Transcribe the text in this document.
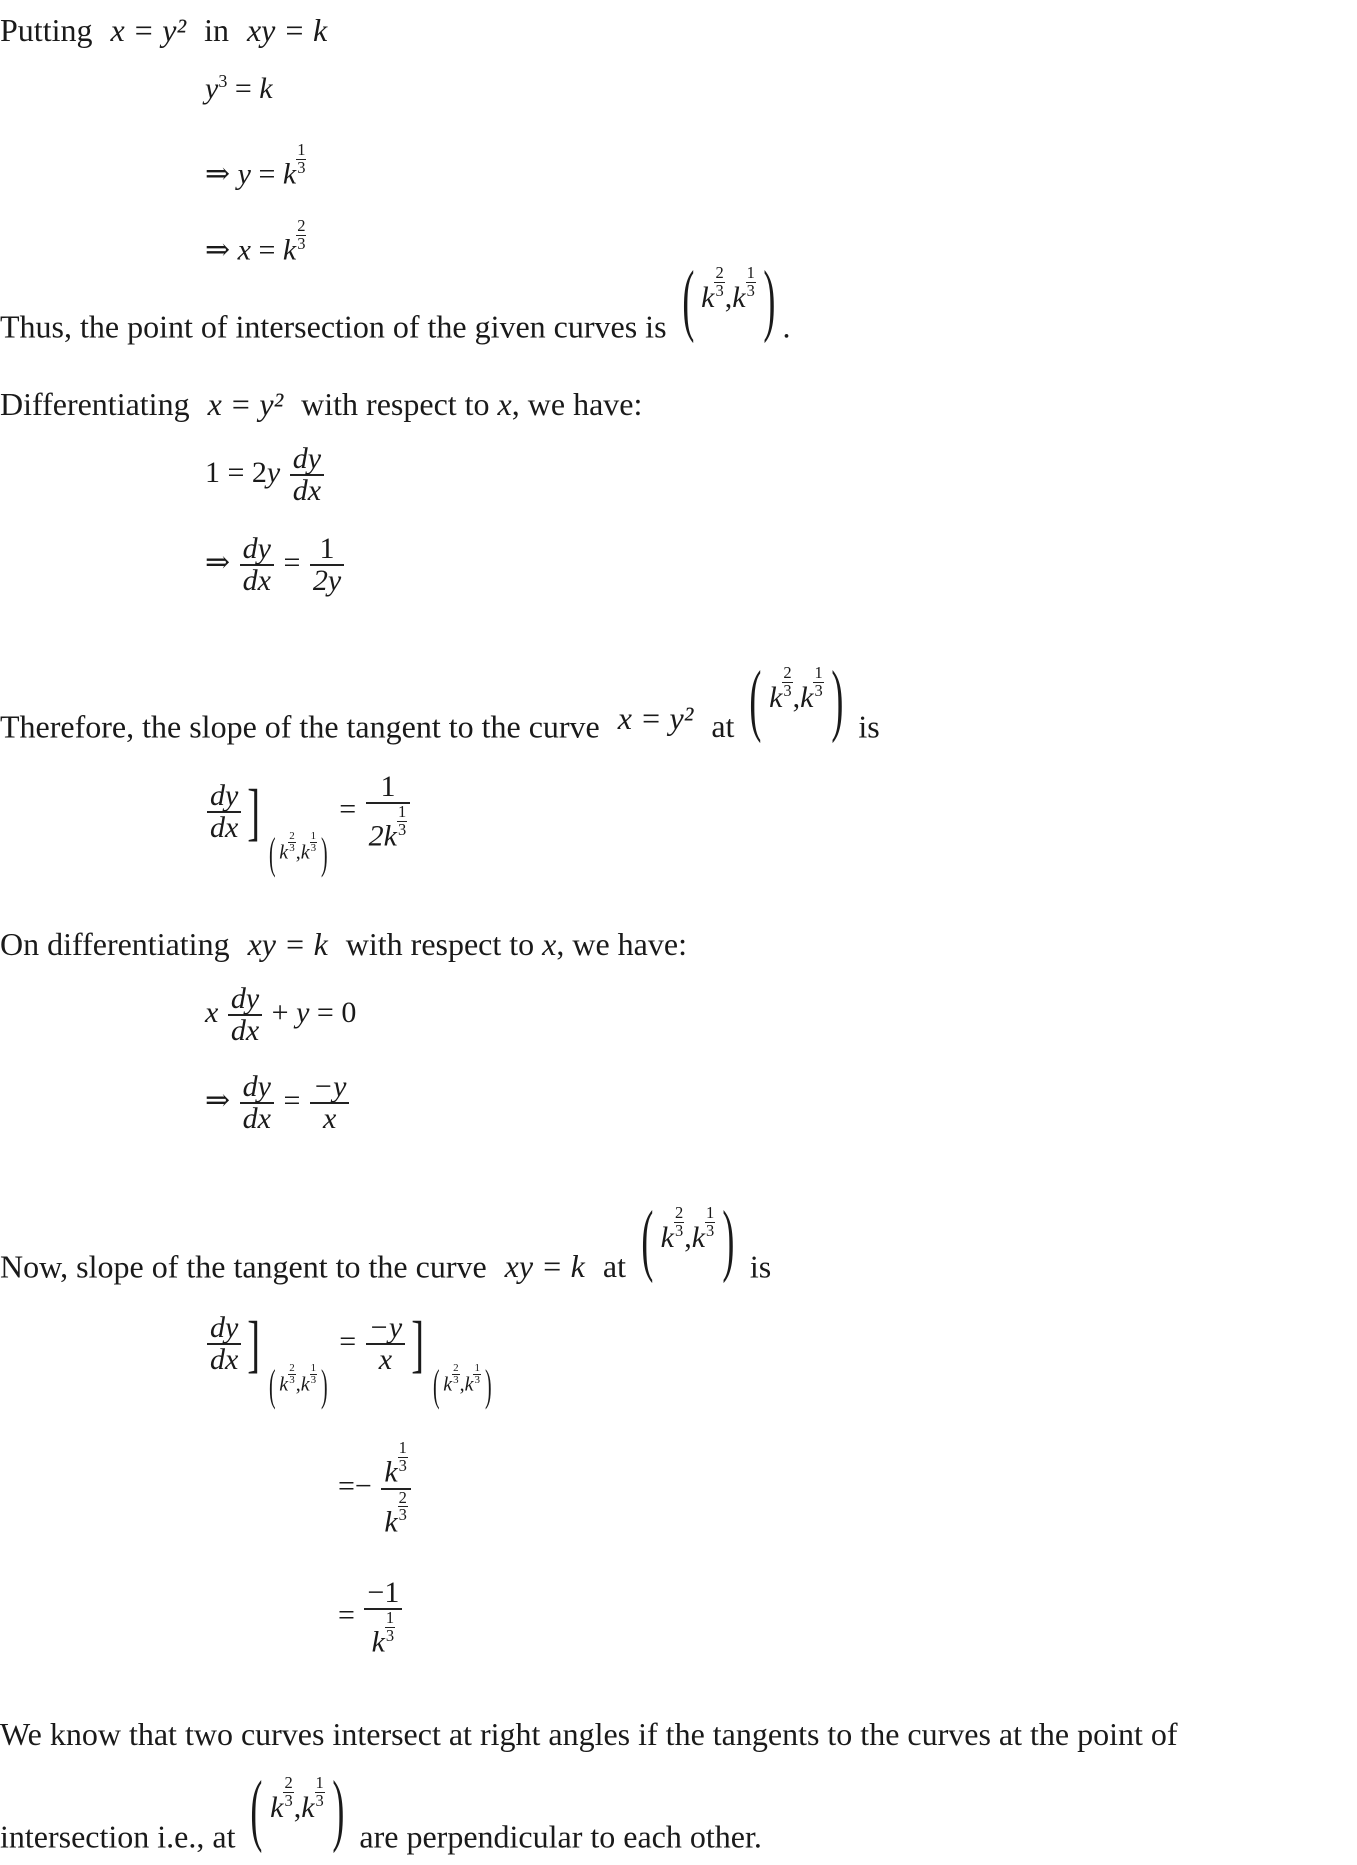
Putting x = y² in xy = k
$y^3 = k$
⇒ y = k $\frac{1}{3}$
⇒ x = k $\frac{2}{3}$
Thus, the point of intersection of the given curves is ( k $\frac{2}{3} ,k \frac{1}{3}$ ) .
Differentiating x = y² with respect to x, we have:
$1 = 2y \frac{dy}{dx}$
⇒ $\frac{dy}{dx} = \frac{1}{2y}$
Therefore, the slope of the tangent to the curve x = y² at ( k $\frac{2}{3} ,k \frac{1}{3}$ ) is
$\frac{dy}{dx}$ ]( k $\frac{2}{3} ,k \frac{1}{3}$ ) = $\frac{1}{2k \frac{1}{3}}$
On differentiating xy = k with respect to x, we have:
x $\frac{dy}{dx} + y = 0$
⇒ $\frac{dy}{dx} = \frac{-y}{x}$
Now, slope of the tangent to the curve xy = k at ( k $\frac{2}{3} ,k \frac{1}{3}$ ) is
$\frac{dy}{dx}$ ]( k $\frac{2}{3} ,k \frac{1}{3}$ ) = $\frac{-y}{x}$ ]( k $\frac{2}{3} ,k \frac{1}{3}$ )
=− $\frac{k \frac{1}{3}}{k \frac{2}{3}}$
= $\frac{-1}{k \frac{1}{3}}$
We know that two curves intersect at right angles if the tangents to the curves at the point of
intersection i.e., at ( k $\frac{2}{3} ,k \frac{1}{3}$ ) are perpendicular to each other.
